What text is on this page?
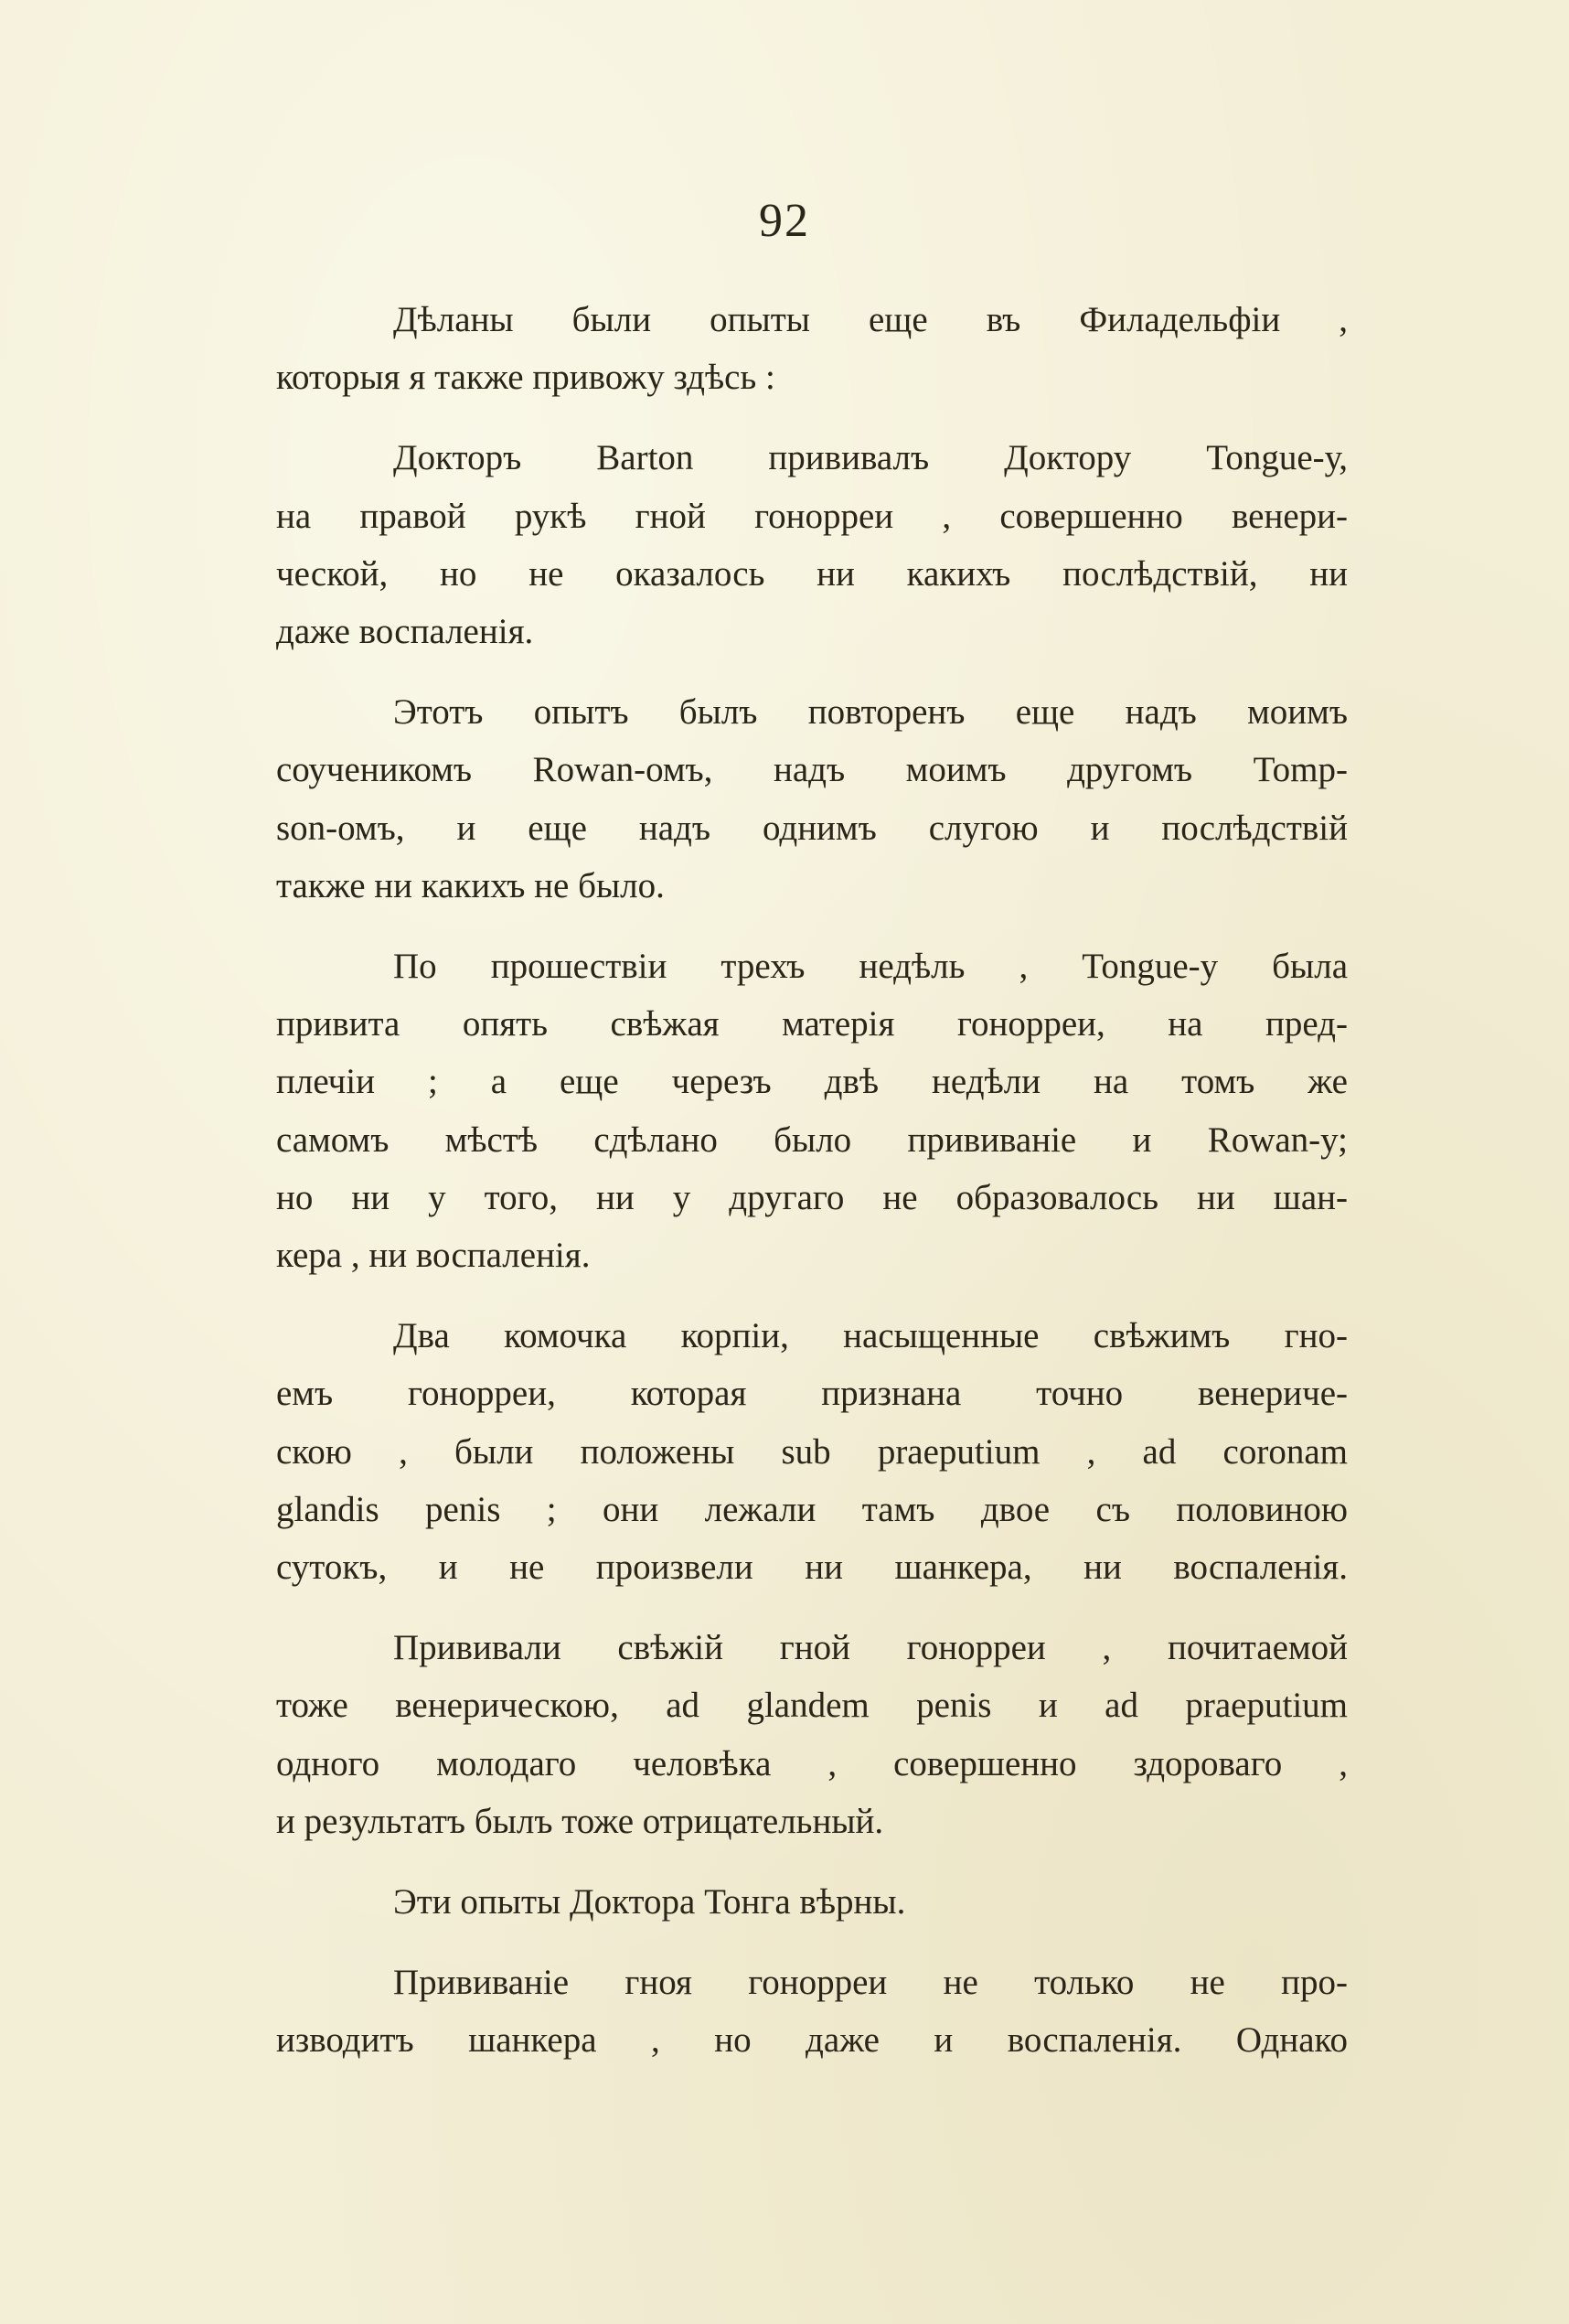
92
Дѣланы были опыты еще въ Филадельфіи ,
которыя я также привожу здѣсь :
Докторъ Barton прививалъ Доктору Tongue-у,
на правой рукѣ гной гонорреи , совершенно венери-
ческой, но не оказалось ни какихъ послѣдствій, ни
даже воспаленія.
Этотъ опытъ былъ повторенъ еще надъ моимъ
соученикомъ Rowan-омъ, надъ моимъ другомъ Tomp-
son-омъ, и еще надъ однимъ слугою и послѣдствій
также ни какихъ не было.
По прошествіи трехъ недѣль , Tongue-у была
привита опять свѣжая матерія гонорреи, на пред-
плечіи ; а еще черезъ двѣ недѣли на томъ же
самомъ мѣстѣ сдѣлано было прививаніе и Rowan-у;
но ни у того, ни у другаго не образовалось ни шан-
кера , ни воспаленія.
Два комочка корпіи, насыщенные свѣжимъ гно-
емъ гонорреи, которая признана точно венериче-
скою , были положены sub praeputium , ad coronam
glandis penis ; они лежали тамъ двое съ половиною
сутокъ, и не произвели ни шанкера, ни воспаленія.
Прививали свѣжій гной гонорреи , почитаемой
тоже венерическою, ad glandem penis и ad praeputium
одного молодаго человѣка , совершенно здороваго ,
и результатъ былъ тоже отрицательный.
Эти опыты Доктора Тонга вѣрны.
Прививаніе гноя гонорреи не только не про-
изводитъ шанкера , но даже и воспаленія. Однако
